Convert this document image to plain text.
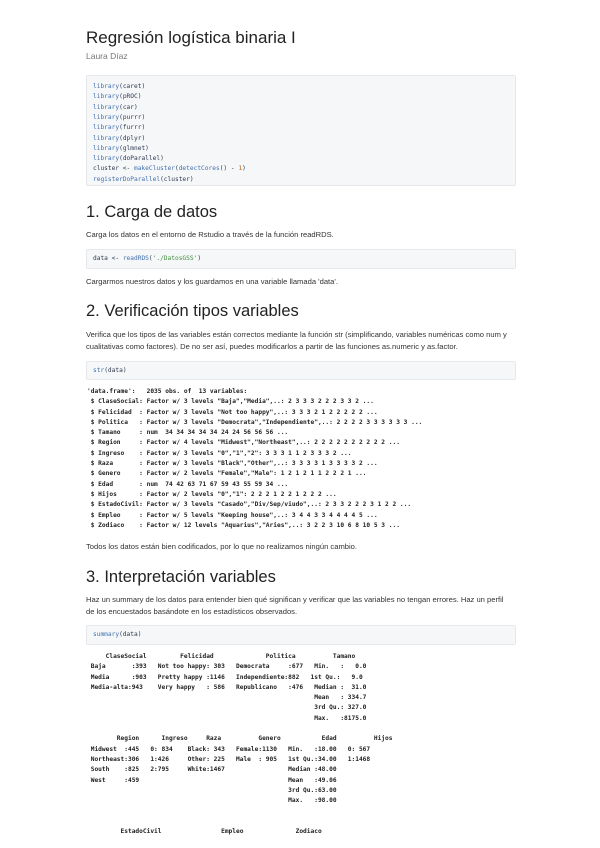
Regresión logística binaria I
Laura Díaz
library(caret)
library(pROC)
library(car)
library(purrr)
library(furrr)
library(dplyr)
library(glmnet)
library(doParallel)
cluster <- makeCluster(detectCores() - 1)
registerDoParallel(cluster)
1. Carga de datos
Carga los datos en el entorno de Rstudio a través de la función readRDS.
data <- readRDS('./DatosGSS')
Cargarmos nuestros datos y los guardamos en una variable llamada 'data'.
2. Verificación tipos variables
Verifica que los tipos de las variables están correctos mediante la función str (simplificando, variables numéricas como num y
cualitativas como factores). De no ser así, puedes modificarlos a partir de las funciones as.numeric y as.factor.
str(data)
'data.frame':   2035 obs. of  13 variables:
$ ClaseSocial: Factor w/ 3 levels "Baja","Media",..: 2 3 3 3 2 2 2 3 3 2 ...
$ Felicidad  : Factor w/ 3 levels "Not too happy",..: 3 3 3 2 1 2 2 2 2 2 ...
$ Politica   : Factor w/ 3 levels "Democrata","Independiente",..: 2 2 2 2 3 3 3 3 3 3 ...
$ Tamano     : num  34 34 34 34 34 24 24 56 56 56 ...
$ Region     : Factor w/ 4 levels "Midwest","Northeast",..: 2 2 2 2 2 2 2 2 2 2 ...
$ Ingreso    : Factor w/ 3 levels "0","1","2": 3 3 3 1 1 2 3 3 3 2 ...
$ Raza       : Factor w/ 3 levels "Black","Other",..: 3 3 3 3 1 3 3 3 3 2 ...
$ Genero     : Factor w/ 2 levels "Female","Male": 1 2 1 2 1 1 2 2 2 1 ...
$ Edad       : num  74 42 63 71 67 59 43 55 59 34 ...
$ Hijos      : Factor w/ 2 levels "0","1": 2 2 2 1 2 2 1 2 2 2 ...
$ EstadoCivil: Factor w/ 3 levels "Casado","Div/Sep/viudo",..: 2 3 3 2 2 2 3 1 2 2 ...
$ Empleo     : Factor w/ 5 levels "Keeping house",..: 3 4 4 3 3 4 4 4 4 5 ...
$ Zodiaco    : Factor w/ 12 levels "Aquarius","Aries",..: 3 2 2 3 10 6 8 10 5 3 ...
Todos los datos están bien codificados, por lo que no realizamos ningún cambio.
3. Interpretación variables
Haz un summary de los datos para entender bien qué significan y verificar que las variables no tengan errores. Haz un perfil
de los encuestados basándote en los estadísticos observados.
summary(data)
ClaseSocial         Felicidad              Politica          Tamano
Baja       :393   Not too happy: 303   Democrata     :677   Min.   :   0.0
Media      :903   Pretty happy :1146   Independiente:882   1st Qu.:   9.0
Media-alta:943    Very happy   : 586   Republicano   :476   Median :  31.0
Mean   : 334.7
3rd Qu.: 327.0
Max.   :8175.0

Region      Ingreso     Raza          Genero           Edad          Hijos
Midwest  :445   0: 834    Black: 343   Female:1130   Min.   :18.00   0: 567
Northeast:306   1:426     Other: 225   Male  : 905   1st Qu.:34.00   1:1468
South    :825   2:795     White:1467                 Median :48.00
West     :459                                        Mean   :49.06
3rd Qu.:63.00
Max.   :98.00

EstadoCivil                Empleo              Zodiaco
